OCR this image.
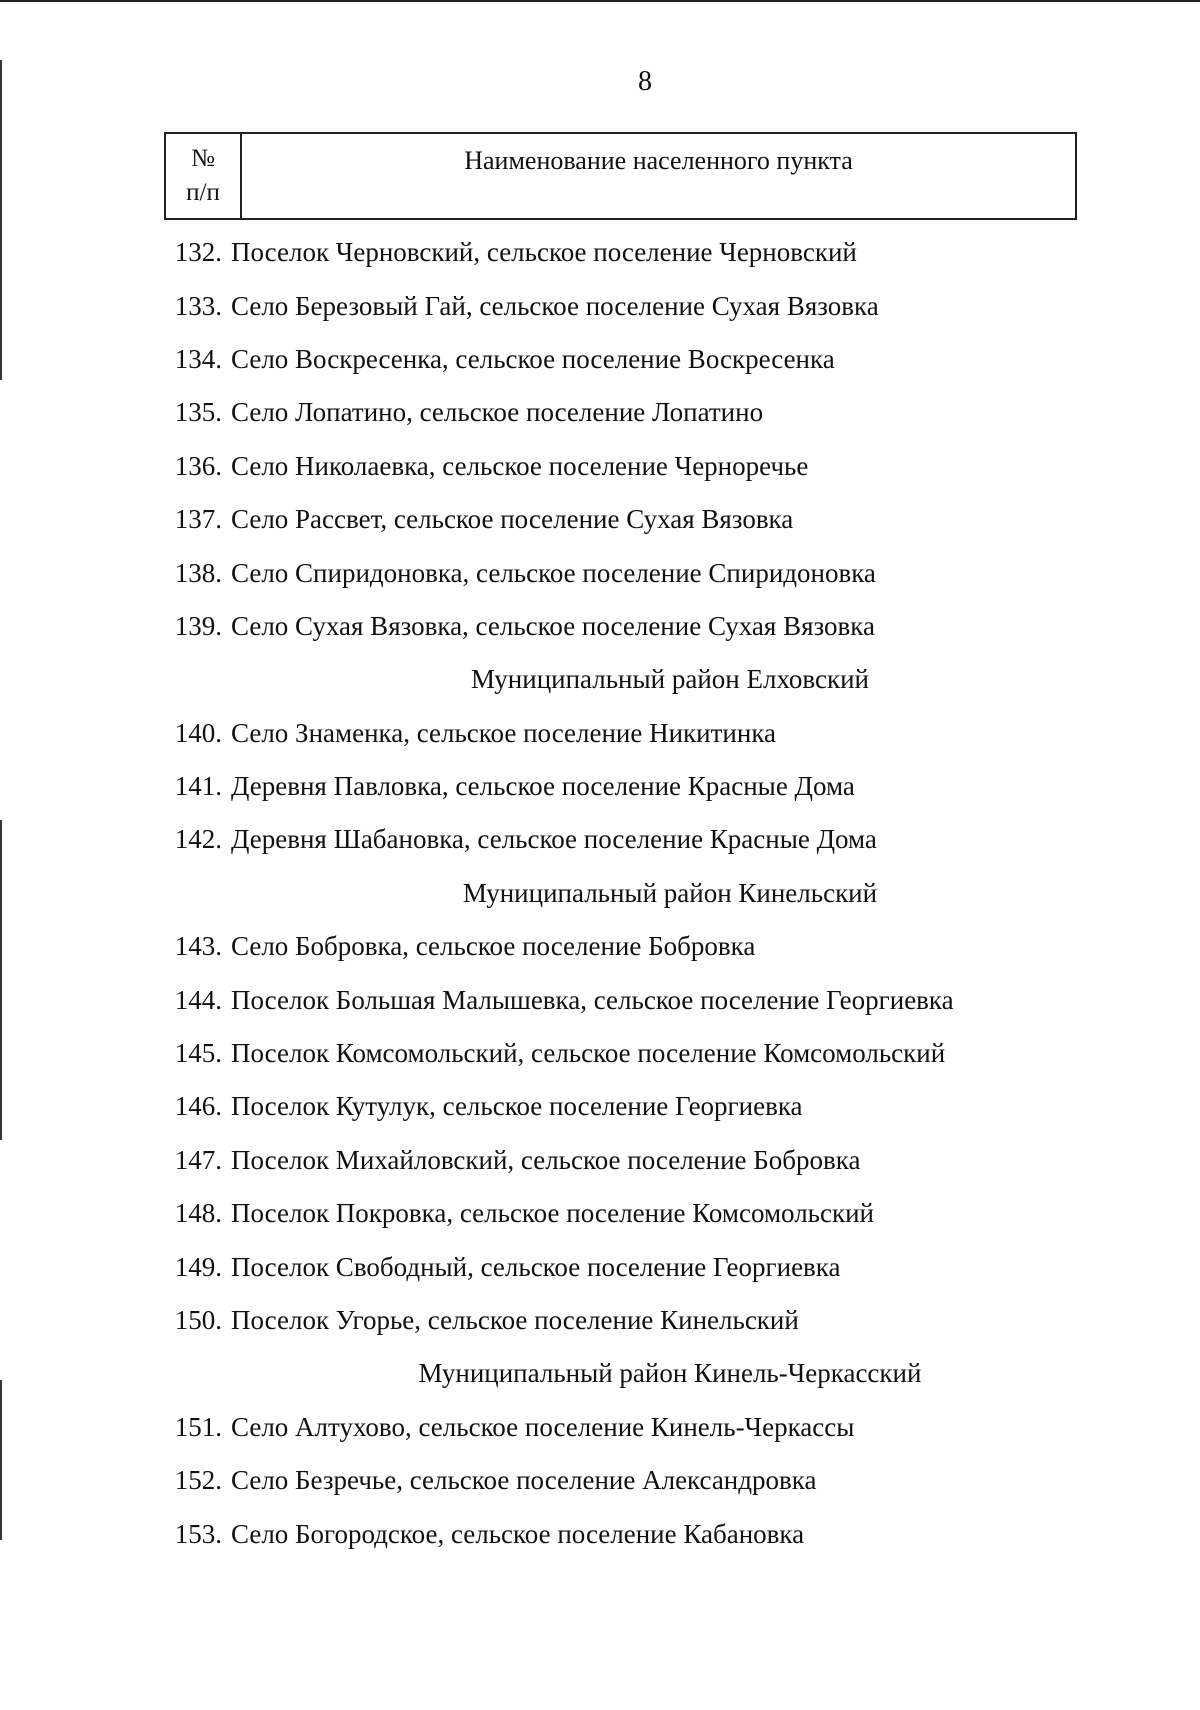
8
№
п/п
Наименование населенного пункта
132. Поселок Черновский, сельское поселение Черновский
133. Село Березовый Гай, сельское поселение Сухая Вязовка
134. Село Воскресенка, сельское поселение Воскресенка
135. Село Лопатино, сельское поселение Лопатино
136. Село Николаевка, сельское поселение Черноречье
137. Село Рассвет, сельское поселение Сухая Вязовка
138. Село Спиридоновка, сельское поселение Спиридоновка
139. Село Сухая Вязовка, сельское поселение Сухая Вязовка
Муниципальный район Елховский
140. Село Знаменка, сельское поселение Никитинка
141. Деревня Павловка, сельское поселение Красные Дома
142. Деревня Шабановка, сельское поселение Красные Дома
Муниципальный район Кинельский
143. Село Бобровка, сельское поселение Бобровка
144. Поселок Большая Малышевка, сельское поселение Георгиевка
145. Поселок Комсомольский, сельское поселение Комсомольский
146. Поселок Кутулук, сельское поселение Георгиевка
147. Поселок Михайловский, сельское поселение Бобровка
148. Поселок Покровка, сельское поселение Комсомольский
149. Поселок Свободный, сельское поселение Георгиевка
150. Поселок Угорье, сельское поселение Кинельский
Муниципальный район Кинель-Черкасский
151. Село Алтухово, сельское поселение Кинель-Черкассы
152. Село Безречье, сельское поселение Александровка
153. Село Богородское, сельское поселение Кабановка
